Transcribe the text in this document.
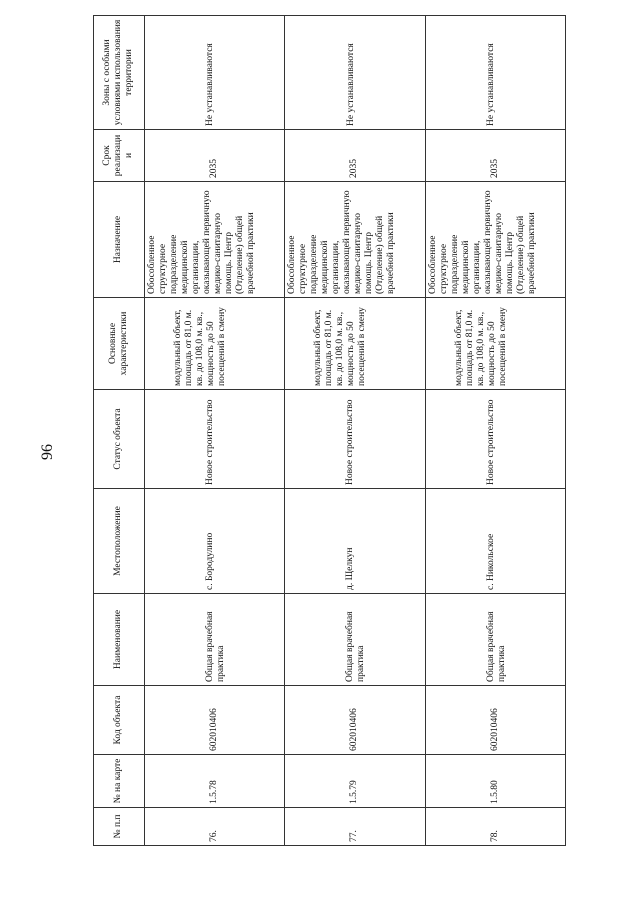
96
№ п.п	№ на карте	Код объекта	Наименование	Местоположение	Статус объекта	Основные характеристики	Назначение	Срок реализации	Зоны с особыми условиями использования территории
76.	1.5.78	602010406	Общая врачебная практика	с. Бородулино	Новое строительство	модульный объект, площадь от 81,0 м. кв. до 108,0 м. кв., мощность до 50 посещений в смену	Обособленное структурное подразделение медицинской организации, оказывающей первичную медико-санитарную помощь. Центр (Отделение) общей врачебной практики	2035	Не устанавливаются
77.	1.5.79	602010406	Общая врачебная практика	д. Щелкун	Новое строительство	модульный объект, площадь от 81,0 м. кв. до 108,0 м. кв., мощность до 50 посещений в смену	Обособленное структурное подразделение медицинской организации, оказывающей первичную медико-санитарную помощь. Центр (Отделение) общей врачебной практики	2035	Не устанавливаются
78.	1.5.80	602010406	Общая врачебная практика	с. Никольское	Новое строительство	модульный объект, площадь от 81,0 м. кв. до 108,0 м. кв., мощность до 50 посещений в смену	Обособленное структурное подразделение медицинской организации, оказывающей первичную медико-санитарную помощь. Центр (Отделение) общей врачебной практики	2035	Не устанавливаются
